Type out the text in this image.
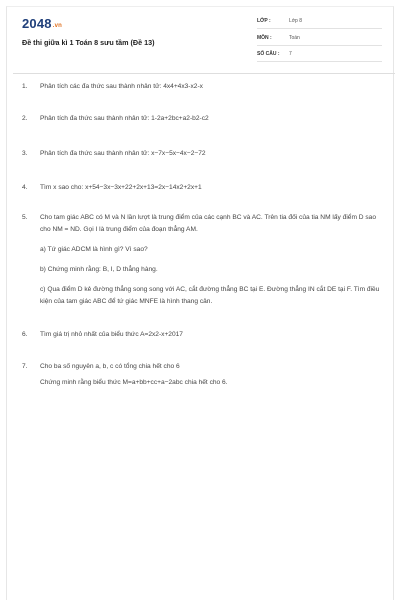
2048.vn
Đề thi giữa kì 1 Toán 8 sưu tầm (Đề 13)
LỚP :	Lớp 8
MÔN :	Toán
SỐ CÂU : 7
1. Phân tích các đa thức sau thành nhân tử: 4x4+4x3-x2-x
2. Phân tích đa thức sau thành nhân tử: 1-2a+2bc+a2-b2-c2
3. Phân tích đa thức sau thành nhân tử: x−7x−5x−4x−2−72
4. Tìm x sao cho: x+54−3x−3x+22+2x+13=2x−14x2+2x+1
5. Cho tam giác ABC có M và N lần lượt là trung điểm của các cạnh BC và AC. Trên tia đối của tia NM lấy điểm D sao cho NM = ND. Gọi I là trung điểm của đoạn thẳng AM.
a) Tứ giác ADCM là hình gì? Vì sao?
b) Chứng minh rằng: B, I, D thẳng hàng.
c) Qua điểm D kẻ đường thẳng song song với AC, cắt đường thẳng BC tại E. Đường thẳng IN cắt DE tại F. Tìm điều kiện của tam giác ABC để tứ giác MNFE là hình thang cân.
6. Tìm giá trị nhỏ nhất của biểu thức A=2x2-x+2017
7. Cho ba số nguyên a, b, c có tổng chia hết cho 6
Chứng minh rằng biểu thức M=a+bb+cc+a−2abc chia hết cho 6.
